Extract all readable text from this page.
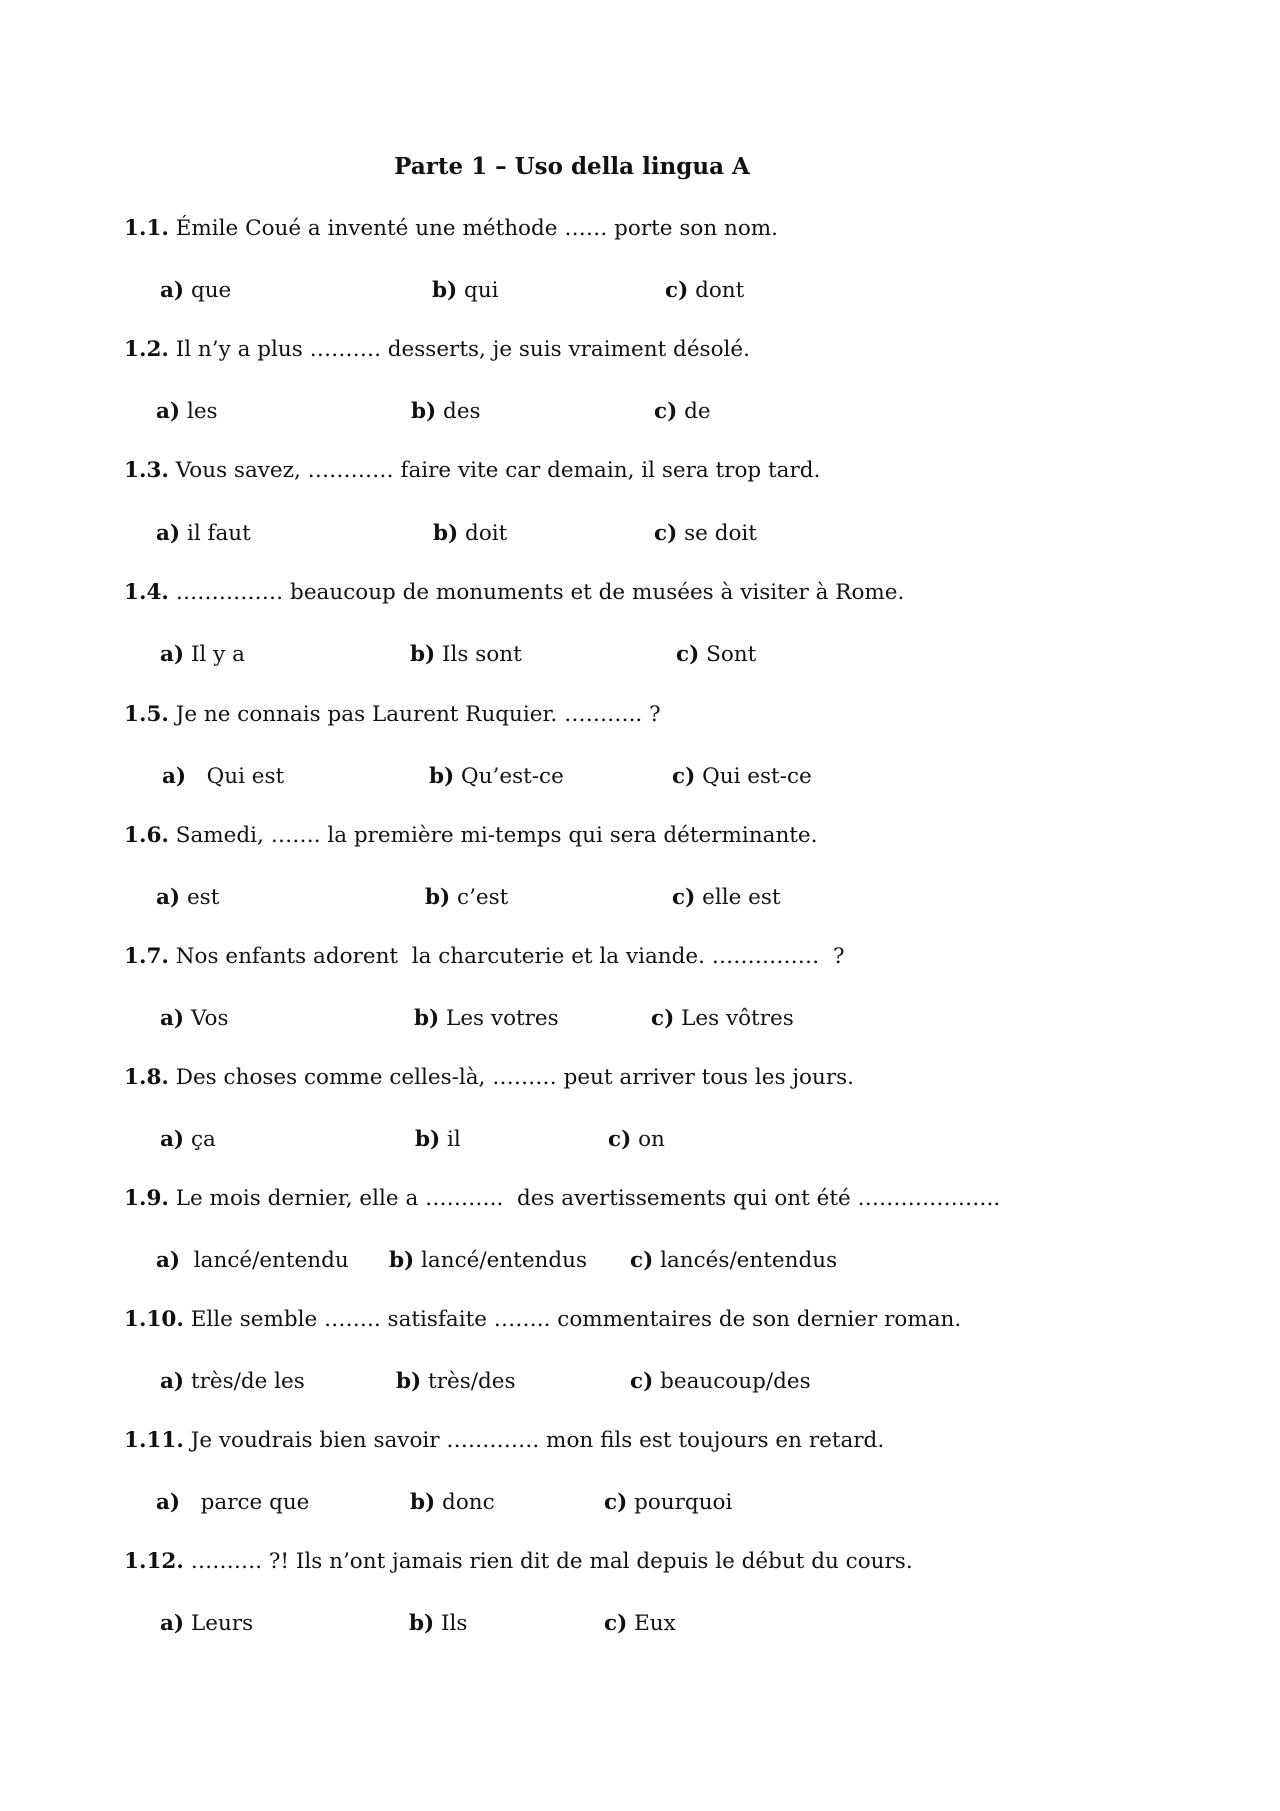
Parte 1 – Uso della lingua A
1.1. Émile Coué a inventé une méthode …… porte son nom.
a) que	b) qui	c) dont
1.2. Il n’y a plus ………. desserts, je suis vraiment désolé.
a) les	b) des	c) de
1.3. Vous savez, ………… faire vite car demain, il sera trop tard.
a) il faut	b) doit	c) se doit
1.4. …………… beaucoup de monuments et de musées à visiter à Rome.
a) Il y a	b) Ils sont	c) Sont
1.5. Je ne connais pas Laurent Ruquier. ……….. ?
a)   Qui est	b) Qu’est-ce	c) Qui est-ce
1.6. Samedi, ……. la première mi-temps qui sera déterminante.
a) est	b) c’est	c) elle est
1.7. Nos enfants adorent  la charcuterie et la viande. ……………  ?
a) Vos	b) Les votres	c) Les vôtres
1.8. Des choses comme celles-là, ……… peut arriver tous les jours.
a) ça	b) il	c) on
1.9. Le mois dernier, elle a ………..  des avertissements qui ont été ………………..
a)  lancé/entendu b) lancé/entendus c) lancés/entendus
1.10. Elle semble …….. satisfaite …….. commentaires de son dernier roman.
a) très/de les	b) très/des	c) beaucoup/des
1.11. Je voudrais bien savoir …………. mon fils est toujours en retard.
a)   parce que	b) donc	c) pourquoi
1.12. ………. ?! Ils n’ont jamais rien dit de mal depuis le début du cours.
a) Leurs	b) Ils	c) Eux
